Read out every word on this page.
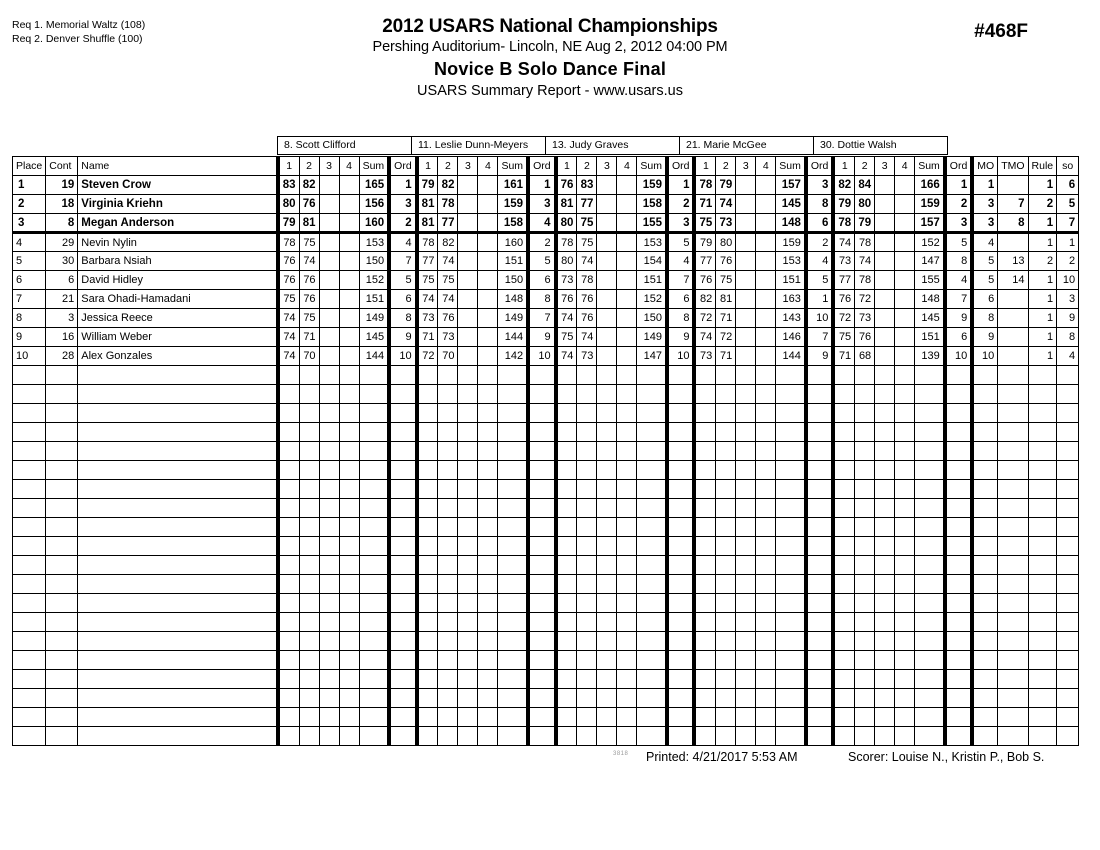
Req 1. Memorial Waltz (108)
Req 2. Denver Shuffle (100)
2012 USARS National Championships
Pershing Auditorium- Lincoln, NE Aug 2, 2012 04:00 PM
Novice B Solo Dance Final
USARS Summary Report - www.usars.us
#468F
8. Scott Clifford	11. Leslie Dunn-Meyers	13. Judy Graves	21. Marie McGee	30. Dottie Walsh
Place	Cont	Name	1	2	3	4	Sum	Ord	1	2	3	4	Sum	Ord	1	2	3	4	Sum	Ord	1	2	3	4	Sum	Ord	1	2	3	4	Sum	Ord	MO	TMO	Rule	so
1	19	Steven Crow	83	82			165	1	79	82			161	1	76	83			159	1	78	79			157	3	82	84			166	1	1		1	6
2	18	Virginia Kriehn	80	76			156	3	81	78			159	3	81	77			158	2	71	74			145	8	79	80			159	2	3	7	2	5
3	8	Megan Anderson	79	81			160	2	81	77			158	4	80	75			155	3	75	73			148	6	78	79			157	3	3	8	1	7
4	29	Nevin Nylin	78	75			153	4	78	82			160	2	78	75			153	5	79	80			159	2	74	78			152	5	4		1	1
5	30	Barbara Nsiah	76	74			150	7	77	74			151	5	80	74			154	4	77	76			153	4	73	74			147	8	5	13	2	2
6	6	David Hidley	76	76			152	5	75	75			150	6	73	78			151	7	76	75			151	5	77	78			155	4	5	14	1	10
7	21	Sara Ohadi-Hamadani	75	76			151	6	74	74			148	8	76	76			152	6	82	81			163	1	76	72			148	7	6		1	3
8	3	Jessica Reece	74	75			149	8	73	76			149	7	74	76			150	8	72	71			143	10	72	73			145	9	8		1	9
9	16	William Weber	74	71			145	9	71	73			144	9	75	74			149	9	74	72			146	7	75	76			151	6	9		1	8
10	28	Alex Gonzales	74	70			144	10	72	70			142	10	74	73			147	10	73	71			144	9	71	68			139	10	10		1	4

3818 Printed: 4/21/2017 5:53 AM	Scorer: Louise N., Kristin P., Bob S.
